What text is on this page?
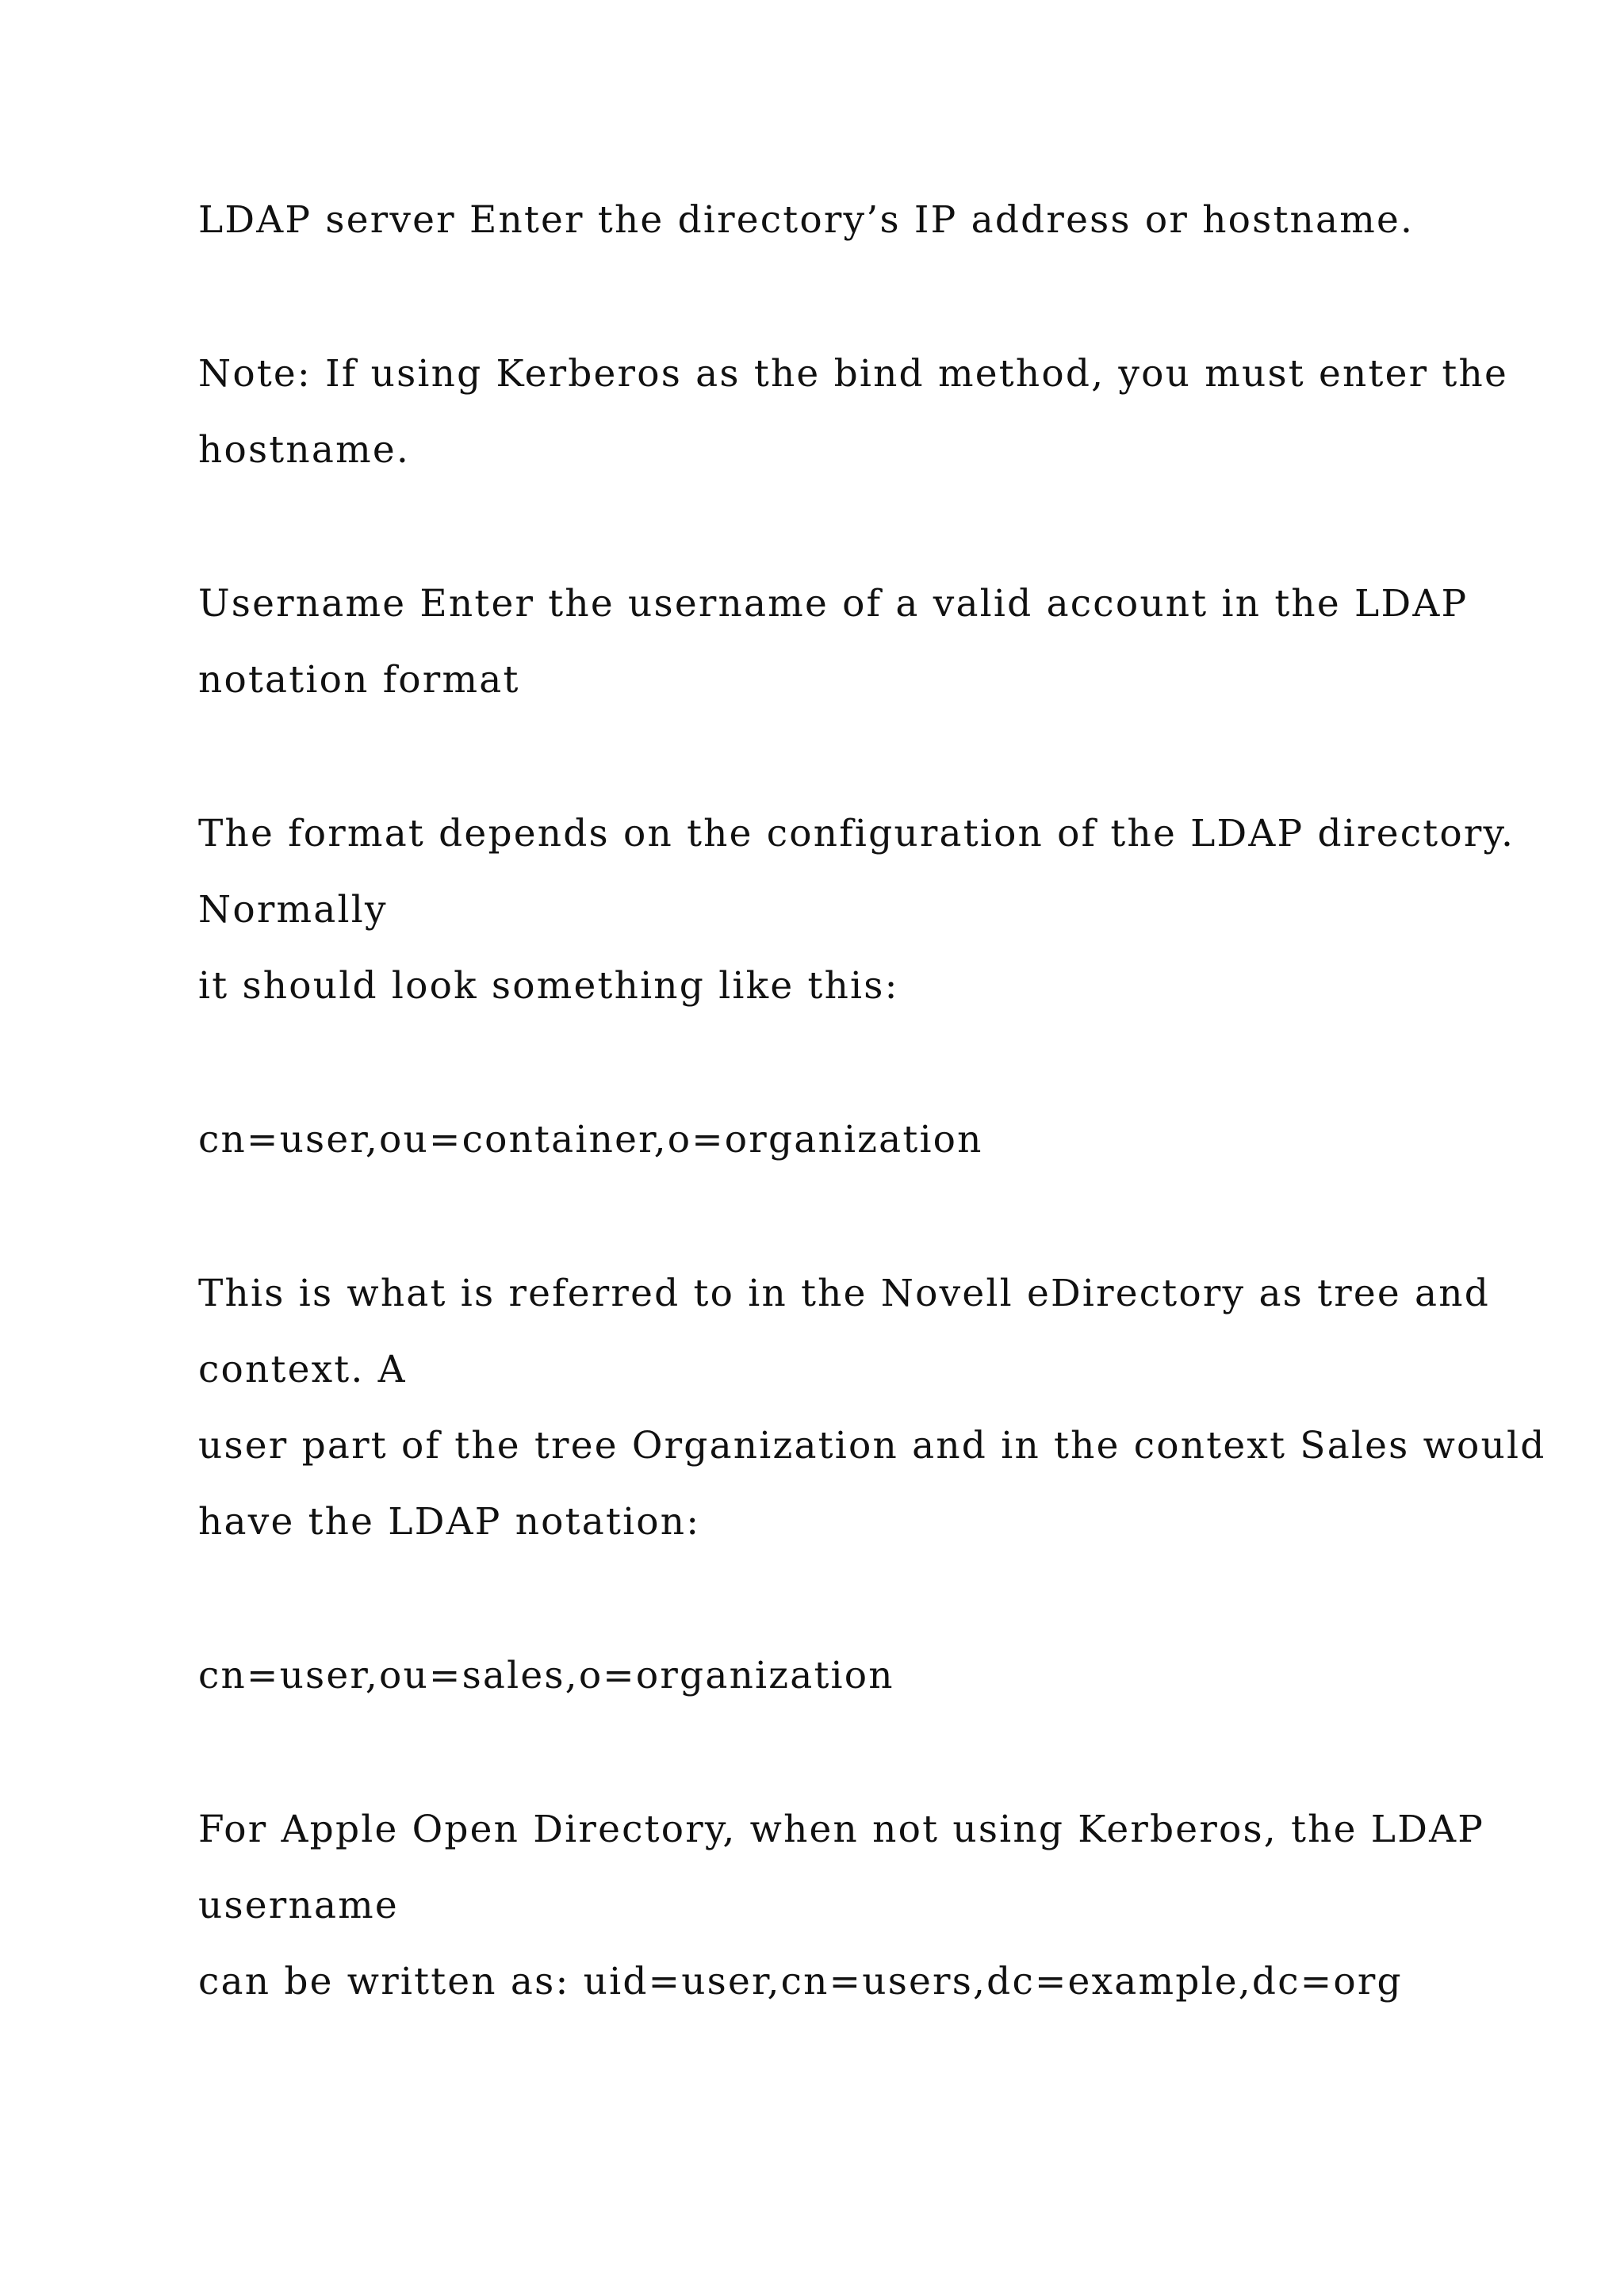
LDAP server Enter the directory’s IP address or hostname.

Note: If using Kerberos as the bind method, you must enter the

hostname.

Username Enter the username of a valid account in the LDAP

notation format

The format depends on the configuration of the LDAP directory.

Normally

it should look something like this:

cn=user,ou=container,o=organization

This is what is referred to in the Novell eDirectory as tree and

context. A

user part of the tree Organization and in the context Sales would

have the LDAP notation:

cn=user,ou=sales,o=organization

For Apple Open Directory, when not using Kerberos, the LDAP

username

can be written as: uid=user,cn=users,dc=example,dc=org
